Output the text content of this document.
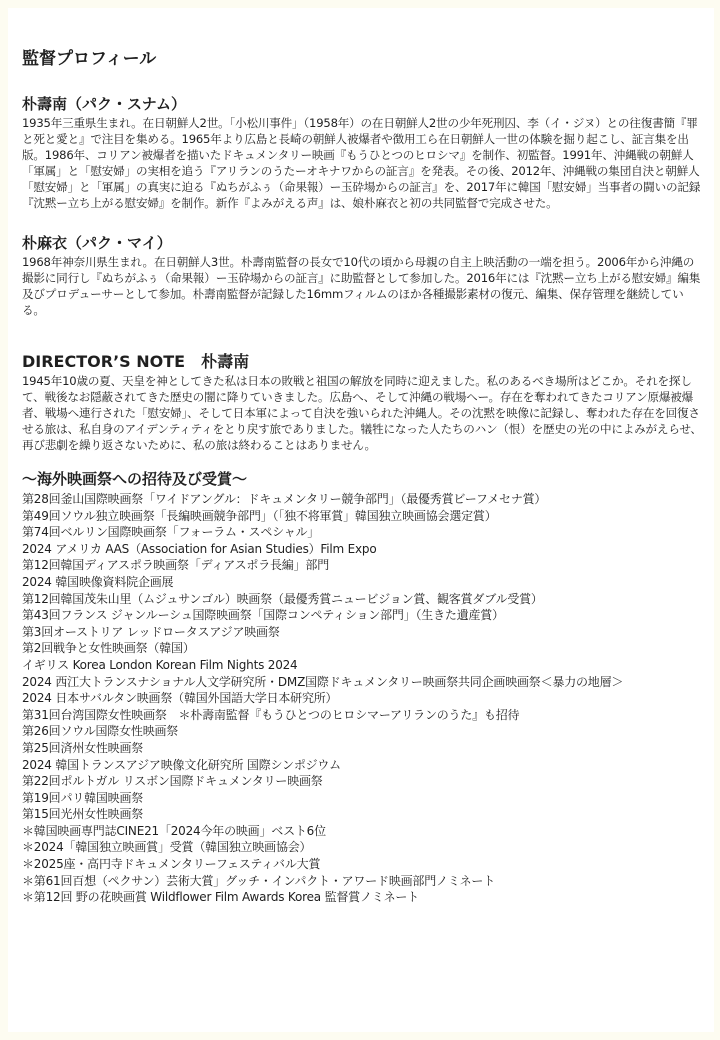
監督プロフィール
朴壽南（パク・スナム）

1935年三重県生まれ。在日朝鮮人2世。「小松川事件」（1958年）の在日朝鮮人2世の少年死刑囚、李（イ・ジヌ）との往復書簡『罪と死と愛と』で注目を集める。1965年より広島と長崎の朝鮮人被爆者や徴用工ら在日朝鮮人一世の体験を掘り起こし、証言集を出版。1986年、コリアン被爆者を描いたドキュメンタリー映画『もうひとつのヒロシマ』を制作、初監督。1991年、沖縄戦の朝鮮人「軍属」と「慰安婦」の実相を追う『アリランのうたーオキナワからの証言』を発表。その後、2012年、沖縄戦の集団自決と朝鮮人「慰安婦」と「軍属」の真実に迫る『ぬちがふぅ（命果報）ー玉砕場からの証言』を、2017年に韓国「慰安婦」当事者の闘いの記録『沈黙ー立ち上がる慰安婦』を制作。新作『よみがえる声』は、娘朴麻衣と初の共同監督で完成させた。

朴麻衣（パク・マイ）

1968年神奈川県生まれ。在日朝鮮人3世。朴壽南監督の長女で10代の頃から母親の自主上映活動の一端を担う。2006年から沖縄の撮影に同行し『ぬちがふぅ（命果報）ー玉砕場からの証言』に助監督として参加した。2016年には『沈黙ー立ち上がる慰安婦』編集及びプロデューサーとして参加。朴壽南監督が記録した16mmフィルムのほか各種撮影素材の復元、編集、保存管理を継続している。

DIRECTOR’S NOTE　朴壽南

1945年10歳の夏、天皇を神としてきた私は日本の敗戦と祖国の解放を同時に迎えました。私のあるべき場所はどこか。それを探して、戦後なお隠蔽されてきた歴史の闇に降りていきました。広島へ、そして沖縄の戦場へー。存在を奪われてきたコリアン原爆被爆者、戦場へ連行された「慰安婦」、そして日本軍によって自決を強いられた沖縄人。その沈黙を映像に記録し、奪われた存在を回復させる旅は、私自身のアイデンティティをとり戻す旅でありました。犠牲になった人たちのハン（恨）を歴史の光の中によみがえらせ、再び悲劇を繰り返さないために、私の旅は終わることはありません。

〜海外映画祭への招待及び受賞〜
第28回釜山国際映画祭「ワイドアングル：ドキュメンタリー競争部門」（最優秀賞ビーフメセナ賞）
第49回ソウル独立映画祭「長編映画競争部門」（「独不将軍賞」韓国独立映画協会選定賞）
第74回ベルリン国際映画祭「フォーラム・スペシャル」
2024 アメリカ AAS（Association for Asian Studies）Film Expo
第12回韓国ディアスポラ映画祭「ディアスポラ長編」部門
2024 韓国映像資料院企画展
第12回韓国茂朱山里（ムジュサンゴル）映画祭（最優秀賞ニュービジョン賞、観客賞ダブル受賞）
第43回フランス ジャンルーシュ国際映画祭「国際コンペティション部門」（生きた遺産賞）
第3回オーストリア レッドロータスアジア映画祭
第2回戦争と女性映画祭（韓国）
イギリス Korea London Korean Film Nights 2024
2024 西江大トランスナショナル人文学研究所・DMZ国際ドキュメンタリー映画祭共同企画映画祭＜暴力の地層＞
2024 日本サバルタン映画祭（韓国外国語大学日本研究所）
第31回台湾国際女性映画祭　＊朴壽南監督『もうひとつのヒロシマーアリランのうた』も招待
第26回ソウル国際女性映画祭
第25回済州女性映画祭
2024 韓国トランスアジア映像文化研究所 国際シンポジウム
第22回ポルトガル リスボン国際ドキュメンタリー映画祭
第19回パリ韓国映画祭
第15回光州女性映画祭
＊韓国映画専門誌CINE21「2024今年の映画」ベスト6位
＊2024「韓国独立映画賞」受賞（韓国独立映画協会）
＊2025座・高円寺ドキュメンタリーフェスティバル大賞
＊第61回百想（ペクサン）芸術大賞」グッチ・インパクト・アワード映画部門ノミネート
＊第12回 野の花映画賞 Wildflower Film Awards Korea 監督賞ノミネート
